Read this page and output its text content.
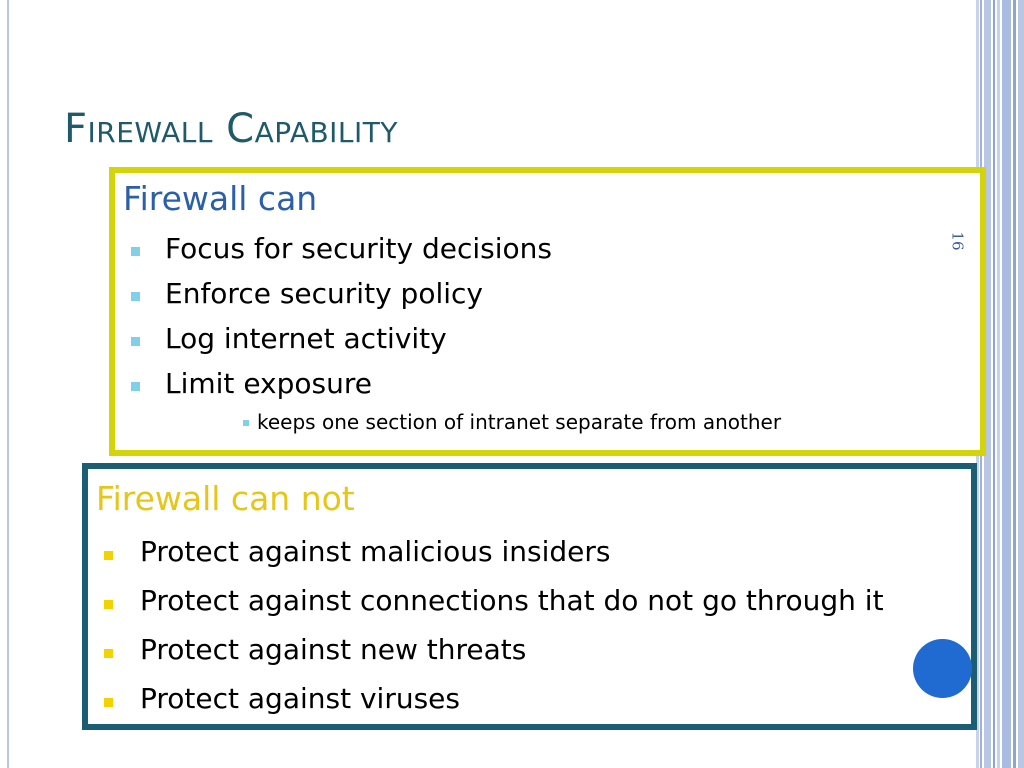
Firewall Capability
Firewall can
Focus for security decisions
Enforce security policy
Log internet activity
Limit exposure
keeps one section of intranet separate from another
16
Firewall can not
Protect against malicious insiders
Protect against connections that do not go through it
Protect against new threats
Protect against viruses
